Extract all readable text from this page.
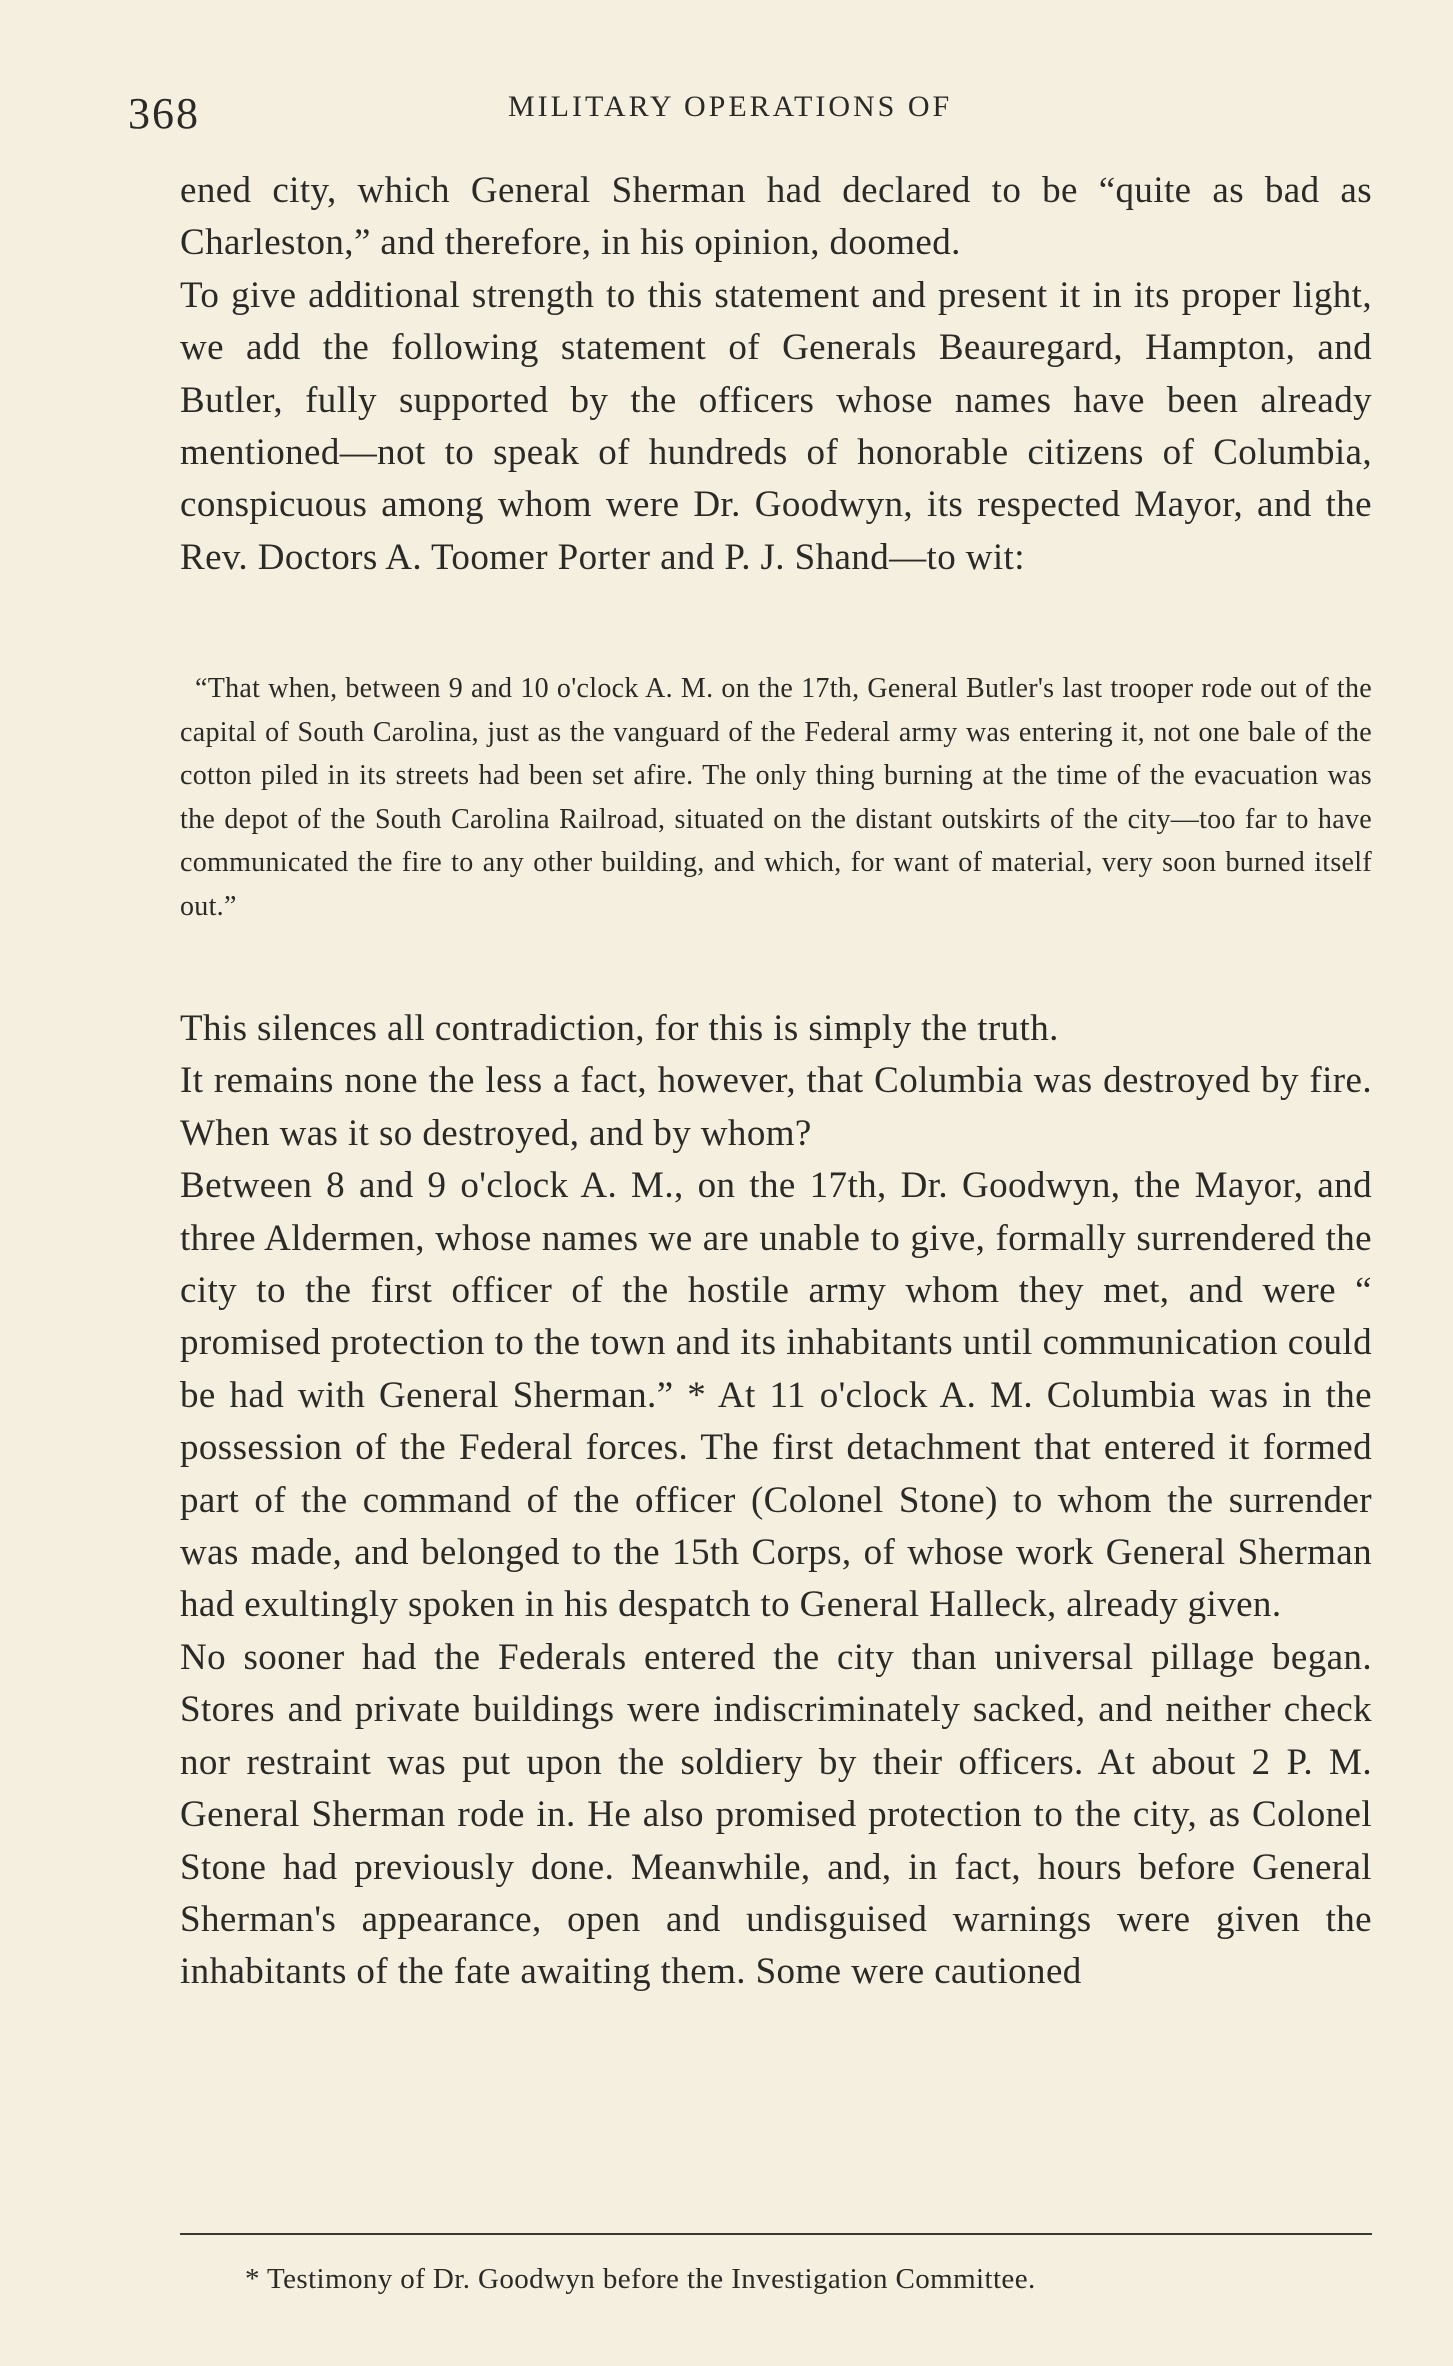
368	MILITARY OPERATIONS OF

ened city, which General Sherman had declared to be “quite as bad as Charleston,” and therefore, in his opinion, doomed.

To give additional strength to this statement and present it in its proper light, we add the following statement of Generals Beauregard, Hampton, and Butler, fully supported by the officers whose names have been already mentioned—not to speak of hundreds of honorable citizens of Columbia, conspicuous among whom were Dr. Goodwyn, its respected Mayor, and the Rev. Doctors A. Toomer Porter and P. J. Shand—to wit:

“That when, between 9 and 10 o'clock A. M. on the 17th, General Butler's last trooper rode out of the capital of South Carolina, just as the vanguard of the Federal army was entering it, not one bale of the cotton piled in its streets had been set afire. The only thing burning at the time of the evacuation was the depot of the South Carolina Railroad, situated on the distant outskirts of the city—too far to have communicated the fire to any other building, and which, for want of material, very soon burned itself out.”

This silences all contradiction, for this is simply the truth.

It remains none the less a fact, however, that Columbia was destroyed by fire. When was it so destroyed, and by whom?

Between 8 and 9 o'clock A. M., on the 17th, Dr. Goodwyn, the Mayor, and three Aldermen, whose names we are unable to give, formally surrendered the city to the first officer of the hostile army whom they met, and were “ promised protection to the town and its inhabitants until communication could be had with General Sherman.” * At 11 o'clock A. M. Columbia was in the possession of the Federal forces. The first detachment that entered it formed part of the command of the officer (Colonel Stone) to whom the surrender was made, and belonged to the 15th Corps, of whose work General Sherman had exultingly spoken in his despatch to General Halleck, already given.

No sooner had the Federals entered the city than universal pillage began. Stores and private buildings were indiscriminately sacked, and neither check nor restraint was put upon the soldiery by their officers. At about 2 P. M. General Sherman rode in. He also promised protection to the city, as Colonel Stone had previously done. Meanwhile, and, in fact, hours before General Sherman's appearance, open and undisguised warnings were given the inhabitants of the fate awaiting them. Some were cautioned

* Testimony of Dr. Goodwyn before the Investigation Committee.
